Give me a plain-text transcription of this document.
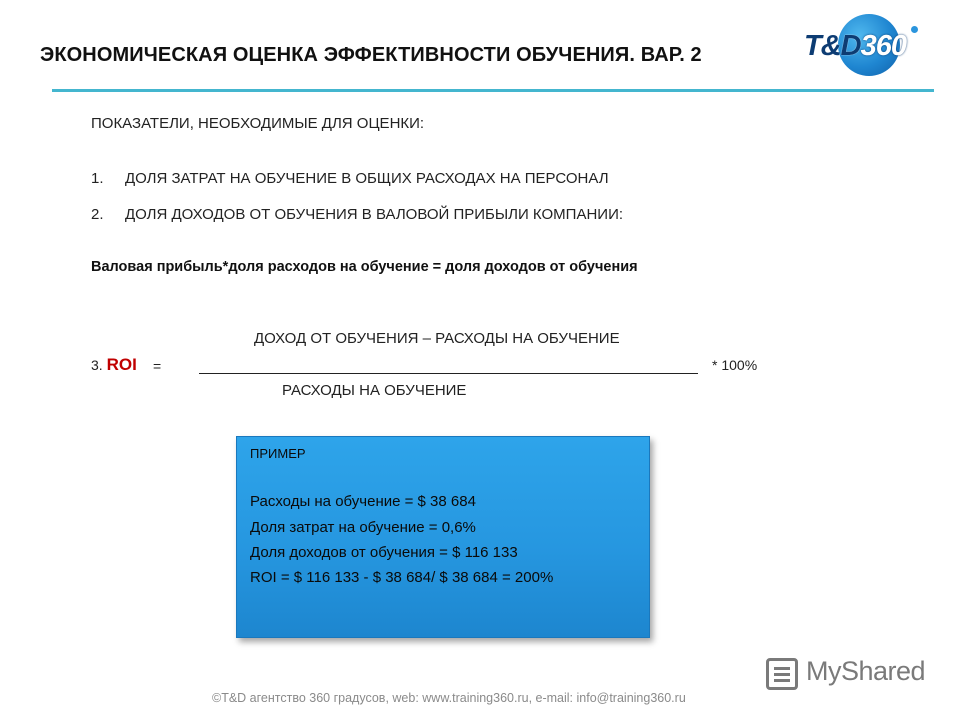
ЭКОНОМИЧЕСКАЯ ОЦЕНКА ЭФФЕКТИВНОСТИ ОБУЧЕНИЯ. ВАР. 2	T&D360
ПОКАЗАТЕЛИ, НЕОБХОДИМЫЕ ДЛЯ ОЦЕНКИ:
1. ДОЛЯ ЗАТРАТ НА ОБУЧЕНИЕ В ОБЩИХ РАСХОДАХ НА ПЕРСОНАЛ
2. ДОЛЯ ДОХОДОВ ОТ ОБУЧЕНИЯ В ВАЛОВОЙ ПРИБЫЛИ КОМПАНИИ:
Валовая прибыль*доля расходов на обучение = доля доходов от обучения
ДОХОД ОТ ОБУЧЕНИЯ – РАСХОДЫ НА ОБУЧЕНИЕ
3. ROI =	* 100%
РАСХОДЫ НА ОБУЧЕНИЕ
ПРИМЕР
Расходы на обучение = $ 38 684
Доля затрат на обучение = 0,6%
Доля доходов от обучения = $ 116 133
ROI = $ 116 133 - $ 38 684/ $ 38 684 = 200%
MyShared
©T&D агентство 360 градусов, web: www.training360.ru, e-mail: info@training360.ru
